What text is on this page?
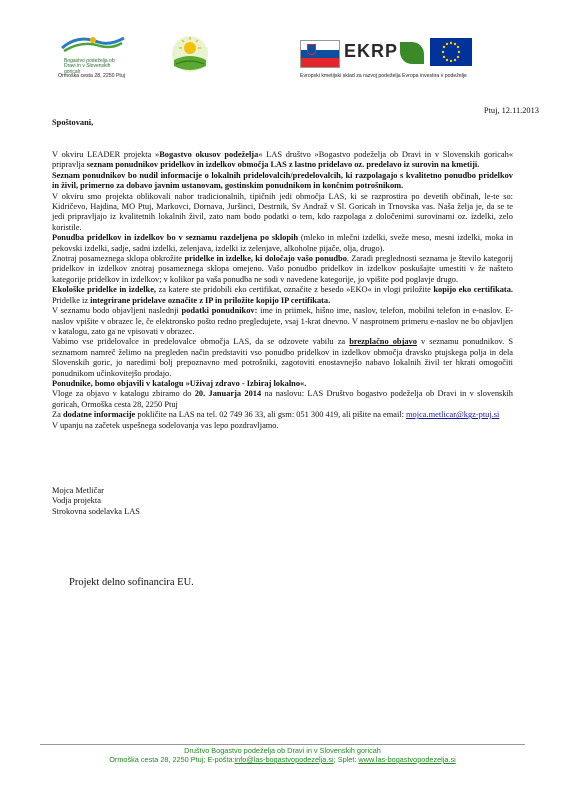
Bogastvo podeželja ob Dravi in v Slovenskih goricah
Ormoška cesta 28, 2250 Ptuj
EKRP
Evropski kmetijski sklad za razvoj podeželja Evropa investira v podeželje
Ptuj, 12.11.2013
Spoštovani,

V okviru LEADER projekta »Bogastvo okusov podeželja« LAS društvo »Bogastvo podeželja ob Dravi in v Slovenskih goricah« pripravlja seznam ponudnikov pridelkov in izdelkov območja LAS z lastno pridelavo oz. predelavo iz surovin na kmetiji.

Seznam ponudnikov bo nudil informacije o lokalnih pridelovalcih/predelovalcih, ki razpolagajo s kvalitetno ponudbo pridelkov in živil, primerno za dobavo javnim ustanovam, gostinskim ponudnikom in končnim potrošnikom.

V okviru smo projekta oblikovali nabor tradicionalnih, tipičnih jedi območja LAS, ki se razprostira po devetih občinah, le-te so: Kidričevo, Hajdina, MO Ptuj, Markovci, Dornava, Juršinci, Destrnik, Sv Andraž v Sl. Goricah in Trnovska vas. Naša želja je, da se te jedi pripravljajo iz kvalitetnih lokalnih živil, zato nam bodo podatki o tem, kdo razpolaga z določenimi surovinami oz. izdelki, zelo koristile.

Ponudba pridelkov in izdelkov bo v seznamu razdeljena po sklopih (mleko in mlečni izdelki, sveže meso, mesni izdelki, moka in pekovski izdelki, sadje, sadni izdelki, zelenjava, izdelki iz zelenjave, alkoholne pijače, olja, drugo).

Znotraj posameznega sklopa obkrožite pridelke in izdelke, ki določajo vašo ponudbo. Zaradi preglednosti seznama je število kategorij pridelkov in izdelkov znotraj posameznega sklopa omejeno. Vašo ponudbo pridelkov in izdelkov poskušajte umestiti v že našteto kategorije pridelkov in izdelkov; v kolikor pa vaša ponudba ne sodi v navedene kategorije, jo vpišite pod poglavje drugo.

Ekološke pridelke in izdelke, za katere ste pridobili eko certifikat, označite z besedo »EKO« in vlogi priložite kopijo eko certifikata. Pridelke iz integrirane pridelave označite z IP in priložite kopijo IP certifikata.

V seznamu bodo objavljeni naslednji podatki ponudnikov: ime in priimek, hišno ime, naslov, telefon, mobilni telefon in e-naslov. E-naslov vpišite v obrazec le, če elektronsko pošto redno pregledujete, vsaj 1-krat dnevno. V nasprotnem primeru e-naslov ne bo objavljen v katalogu, zato ga ne vpisovati v obrazec.

Vabimo vse pridelovalce in predelovalce območja LAS, da se odzovete vabilu za brezplačno objavo v seznamu ponudnikov. S seznamom namreč želimo na pregleden način predstaviti vso ponudbo pridelkov in izdelkov območja dravsko ptujskega polja in dela Slovenskih goric, jo naredimi bolj prepoznavno med potrošniki, zagotoviti enostavnejšo nabavo lokalnih živil ter hkrati omogočiti ponudnikom učinkovitejšo prodajo.

Ponudnike, bomo objavili v katalogu »Uživaj zdravo - Izbiraj lokalno«.

Vloge za objavo v katalogu zbiramo do 20. Januarja 2014 na naslovu: LAS Društvo bogastvo podeželja ob Dravi in v slovenskih goricah, Ormoška cesta 28, 2250 Ptuj

Za dodatne informacije pokličite na LAS na tel. 02 749 36 33, ali gsm: 051 300 419, ali pišite na email: mojca.metlicar@kgz-ptuj.si

V upanju na začetek uspešnega sodelovanja vas lepo pozdravljamo.

Mojca Metličar
Vodja projekta
Strokovna sodelavka LAS
Projekt delno sofinancira EU.
Društvo Bogastvo podeželja ob Dravi in v Slovenskih goricah
Ormoška cesta 28, 2250 Ptuj; E-pošta:info@las-bogastvopodezelja.si; Splet: www.las-bogastvopodezelja.si
